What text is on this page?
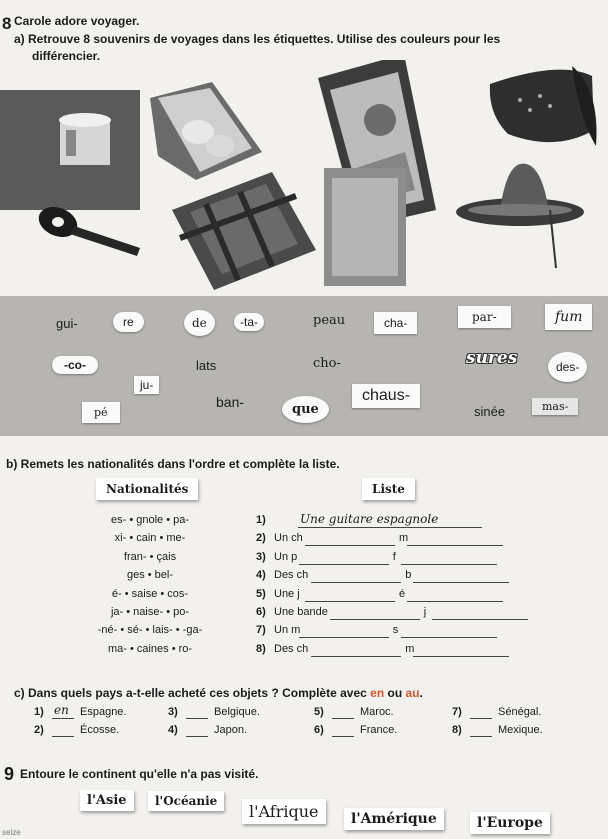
8 Carole adore voyager.
a) Retrouve 8 souvenirs de voyages dans les étiquettes. Utilise des couleurs pour les
différencier.
gui-	re	de	-ta-	peau	cha-	par-	fum
-co-	lats	cho-	sures	des-
ju-
ban-	chaus-
pé	que	sinée	mas-
b) Remets les nationalités dans l'ordre et complète la liste.
Nationalités	Liste
c) Dans quels pays a-t-elle acheté ces objets ? Complète avec en ou au.
9 Entoure le continent qu'elle n'a pas visité.
l'Asie	l'Océanie
l'Afrique	l'Amérique	l'Europe
seize
es- • gnole • pa-
xi- • cain • me-
fran- • çais
ges • bel-
é- • saise • cos-
ja- • naise- • po-
-né- • sé- • lais- • -ga-
ma- • caines • ro-
1)	Une guitare espagnole
2) Un ch	m
3) Un p	f
4) Des ch	b
5) Une j	é
6) Une bande	j
7) Un m	s
8) Des ch	m
1) en Espagne.
2)	Écosse.
3)	Belgique.
4)	Japon.
5)	Maroc.
6)	France.
7)	Sénégal.
8)	Mexique.
